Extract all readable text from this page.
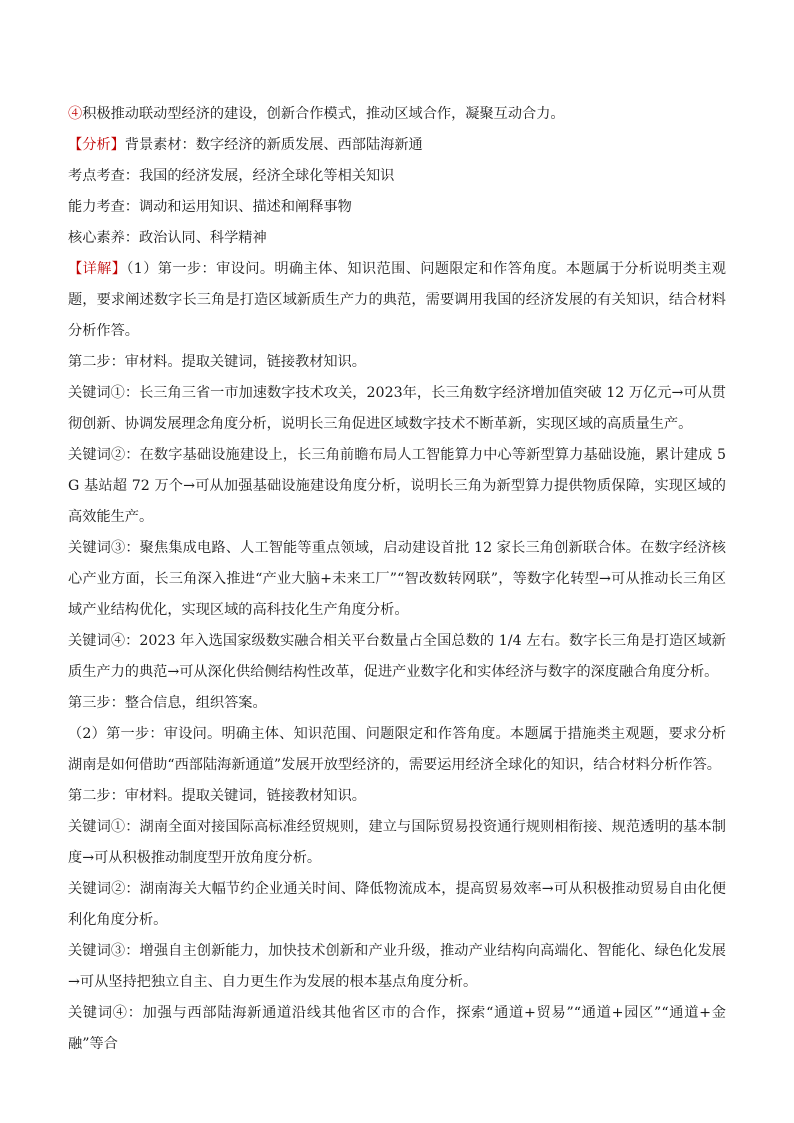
④积极推动联动型经济的建设，创新合作模式，推动区域合作，凝聚互动合力。

【分析】背景素材：数字经济的新质发展、西部陆海新通

考点考查：我国的经济发展，经济全球化等相关知识

能力考查：调动和运用知识、描述和阐释事物

核心素养：政治认同、科学精神

【详解】（1）第一步：审设问。明确主体、知识范围、问题限定和作答角度。本题属于分析说明类主观题，要求阐述数字长三角是打造区域新质生产力的典范，需要调用我国的经济发展的有关知识，结合材料分析作答。

第二步：审材料。提取关键词，链接教材知识。

关键词①：长三角三省一市加速数字技术攻关，2023年，长三角数字经济增加值突破 12 万亿元→可从贯彻创新、协调发展理念角度分析，说明长三角促进区域数字技术不断革新，实现区域的高质量生产。

关键词②：在数字基础设施建设上，长三角前瞻布局人工智能算力中心等新型算力基础设施，累计建成 5G 基站超 72 万个→可从加强基础设施建设角度分析，说明长三角为新型算力提供物质保障，实现区域的高效能生产。

关键词③：聚焦集成电路、人工智能等重点领域，启动建设首批 12 家长三角创新联合体。在数字经济核心产业方面，长三角深入推进“产业大脑+未来工厂”“智改数转网联”，等数字化转型→可从推动长三角区域产业结构优化，实现区域的高科技化生产角度分析。

关键词④：2023 年入选国家级数实融合相关平台数量占全国总数的 1/4 左右。数字长三角是打造区域新质生产力的典范→可从深化供给侧结构性改革，促进产业数字化和实体经济与数字的深度融合角度分析。

第三步：整合信息，组织答案。

（2）第一步：审设问。明确主体、知识范围、问题限定和作答角度。本题属于措施类主观题，要求分析湖南是如何借助“西部陆海新通道”发展开放型经济的，需要运用经济全球化的知识，结合材料分析作答。

第二步：审材料。提取关键词，链接教材知识。

关键词①：湖南全面对接国际高标准经贸规则，建立与国际贸易投资通行规则相衔接、规范透明的基本制度→可从积极推动制度型开放角度分析。

关键词②：湖南海关大幅节约企业通关时间、降低物流成本，提高贸易效率→可从积极推动贸易自由化便利化角度分析。

关键词③：增强自主创新能力，加快技术创新和产业升级，推动产业结构向高端化、智能化、绿色化发展→可从坚持把独立自主、自力更生作为发展的根本基点角度分析。

关键词④：加强与西部陆海新通道沿线其他省区市的合作，探索“通道+贸易”“通道+园区”“通道+金融”等合
